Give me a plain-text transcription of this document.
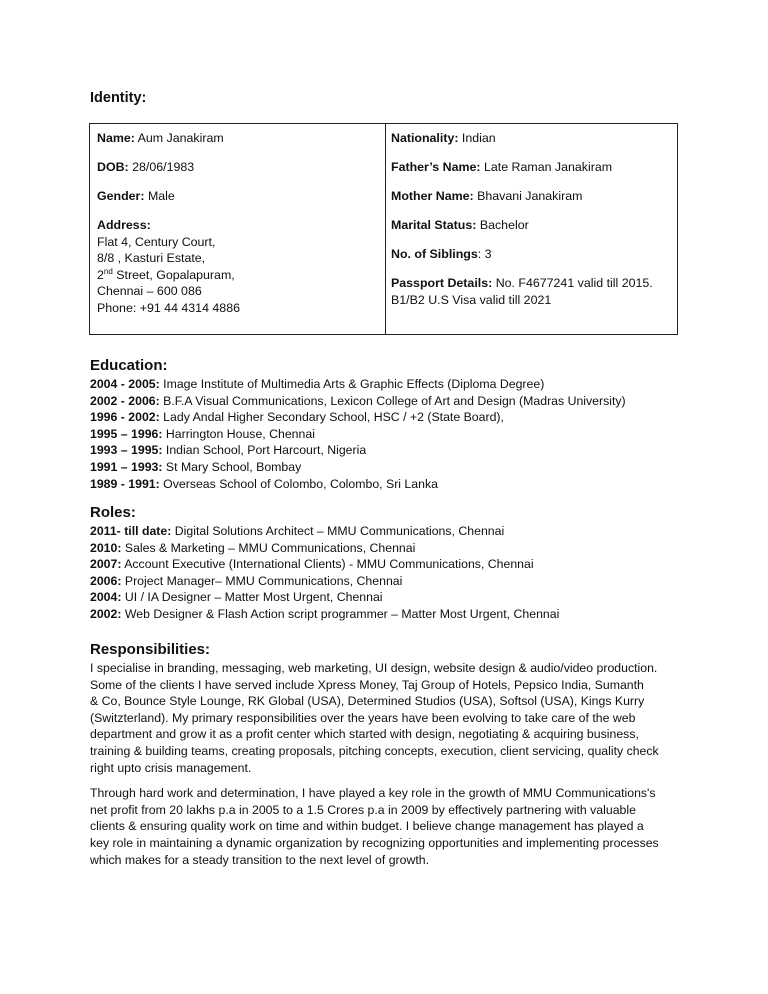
Identity:
Name: Aum Janakiram
DOB: 28/06/1983
Gender: Male
Address:
Flat 4, Century Court,
8/8 , Kasturi Estate,
2nd Street, Gopalapuram,
Chennai – 600 086
Phone: +91 44 4314 4886
Nationality: Indian
Father’s Name: Late Raman Janakiram
Mother Name: Bhavani Janakiram
Marital Status: Bachelor
No. of Siblings: 3
Passport Details: No. F4677241 valid till 2015.
B1/B2 U.S Visa valid till 2021
Education:
2004 - 2005: Image Institute of Multimedia Arts & Graphic Effects (Diploma Degree)
2002 - 2006: B.F.A Visual Communications, Lexicon College of Art and Design (Madras University)
1996 - 2002: Lady Andal Higher Secondary School, HSC / +2 (State Board),
1995 – 1996: Harrington House, Chennai
1993 – 1995: Indian School, Port Harcourt, Nigeria
1991 – 1993: St Mary School, Bombay
1989 - 1991: Overseas School of Colombo, Colombo, Sri Lanka
Roles:
2011- till date: Digital Solutions Architect – MMU Communications, Chennai
2010: Sales & Marketing – MMU Communications, Chennai
2007: Account Executive (International Clients) - MMU Communications, Chennai
2006: Project Manager– MMU Communications, Chennai
2004: UI / IA Designer – Matter Most Urgent, Chennai
2002: Web Designer & Flash Action script programmer – Matter Most Urgent, Chennai
Responsibilities:
I specialise in branding, messaging, web marketing, UI design, website design & audio/video production.
Some of the clients I have served include Xpress Money, Taj Group of Hotels, Pepsico India, Sumanth
& Co, Bounce Style Lounge, RK Global (USA), Determined Studios (USA), Softsol (USA), Kings Kurry
(Switzterland). My primary responsibilities over the years have been evolving to take care of the web
department and grow it as a profit center which started with design, negotiating & acquiring business,
training & building teams, creating proposals, pitching concepts, execution, client servicing, quality check
right upto crisis management.
Through hard work and determination, I have played a key role in the growth of MMU Communications's
net profit from 20 lakhs p.a in 2005 to a 1.5 Crores p.a in 2009 by effectively partnering with valuable
clients & ensuring quality work on time and within budget. I believe change management has played a
key role in maintaining a dynamic organization by recognizing opportunities and implementing processes
which makes for a steady transition to the next level of growth.
